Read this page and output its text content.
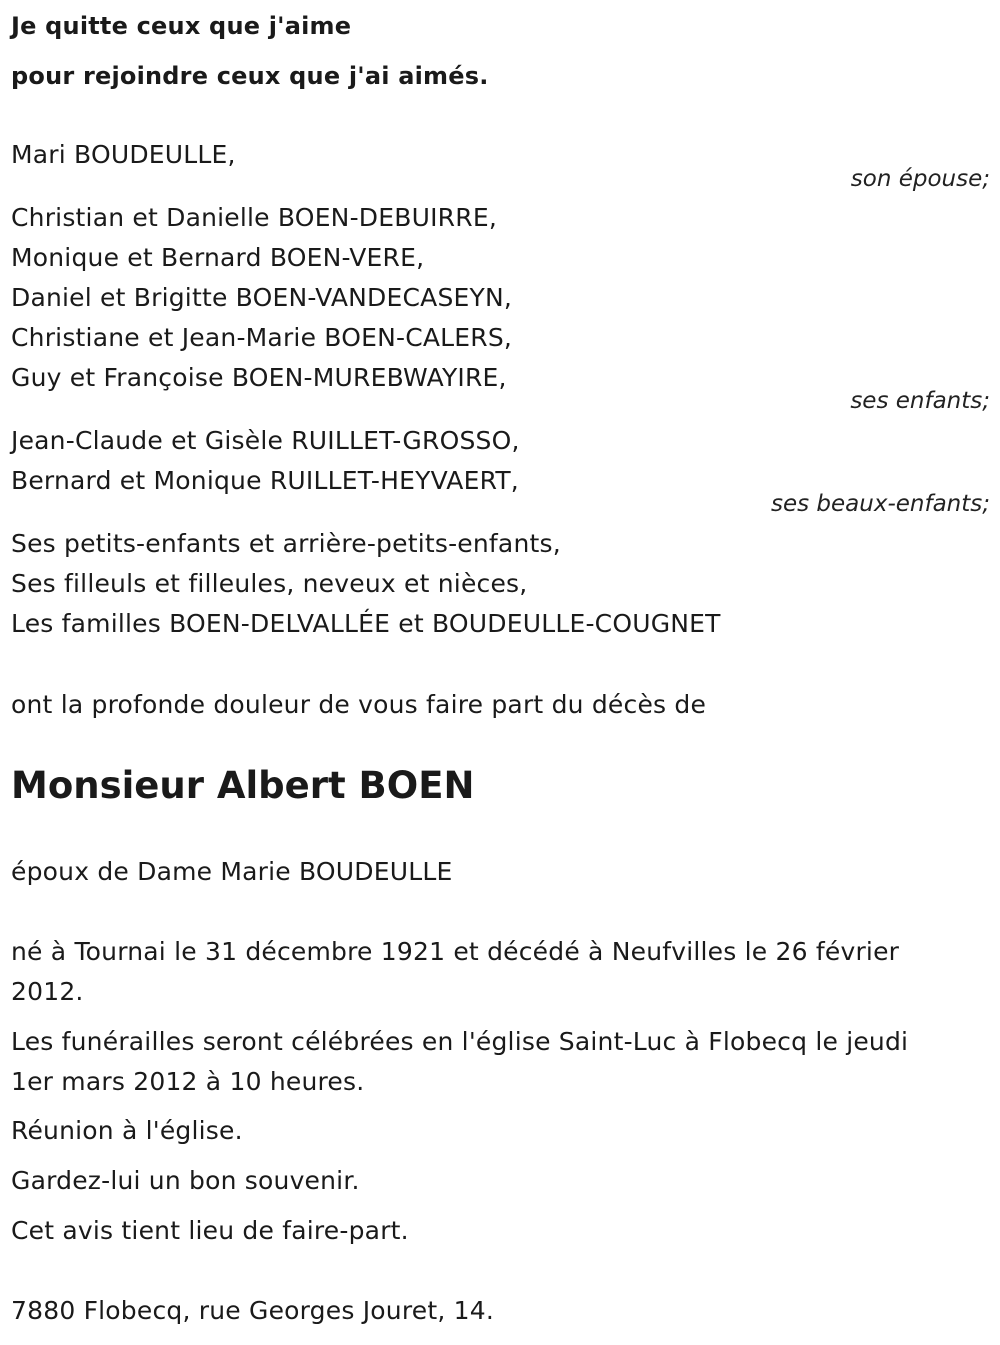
Je quitte ceux que j'aime
pour rejoindre ceux que j'ai aimés.
Mari BOUDEULLE,
son épouse;
Christian et Danielle BOEN-DEBUIRRE,
Monique et Bernard BOEN-VERE,
Daniel et Brigitte BOEN-VANDECASEYN,
Christiane et Jean-Marie BOEN-CALERS,
Guy et Françoise BOEN-MUREBWAYIRE,
ses enfants;
Jean-Claude et Gisèle RUILLET-GROSSO,
Bernard et Monique RUILLET-HEYVAERT,
ses beaux-enfants;
Ses petits-enfants et arrière-petits-enfants,
Ses filleuls et filleules, neveux et nièces,
Les familles BOEN-DELVALLÉE et BOUDEULLE-COUGNET
ont la profonde douleur de vous faire part du décès de
Monsieur Albert BOEN
époux de Dame Marie BOUDEULLE
né à Tournai le 31 décembre 1921 et décédé à Neufvilles le 26 février
2012.
Les funérailles seront célébrées en l'église Saint-Luc à Flobecq le jeudi
1er mars 2012 à 10 heures.
Réunion à l'église.
Gardez-lui un bon souvenir.
Cet avis tient lieu de faire-part.
7880 Flobecq, rue Georges Jouret, 14.
